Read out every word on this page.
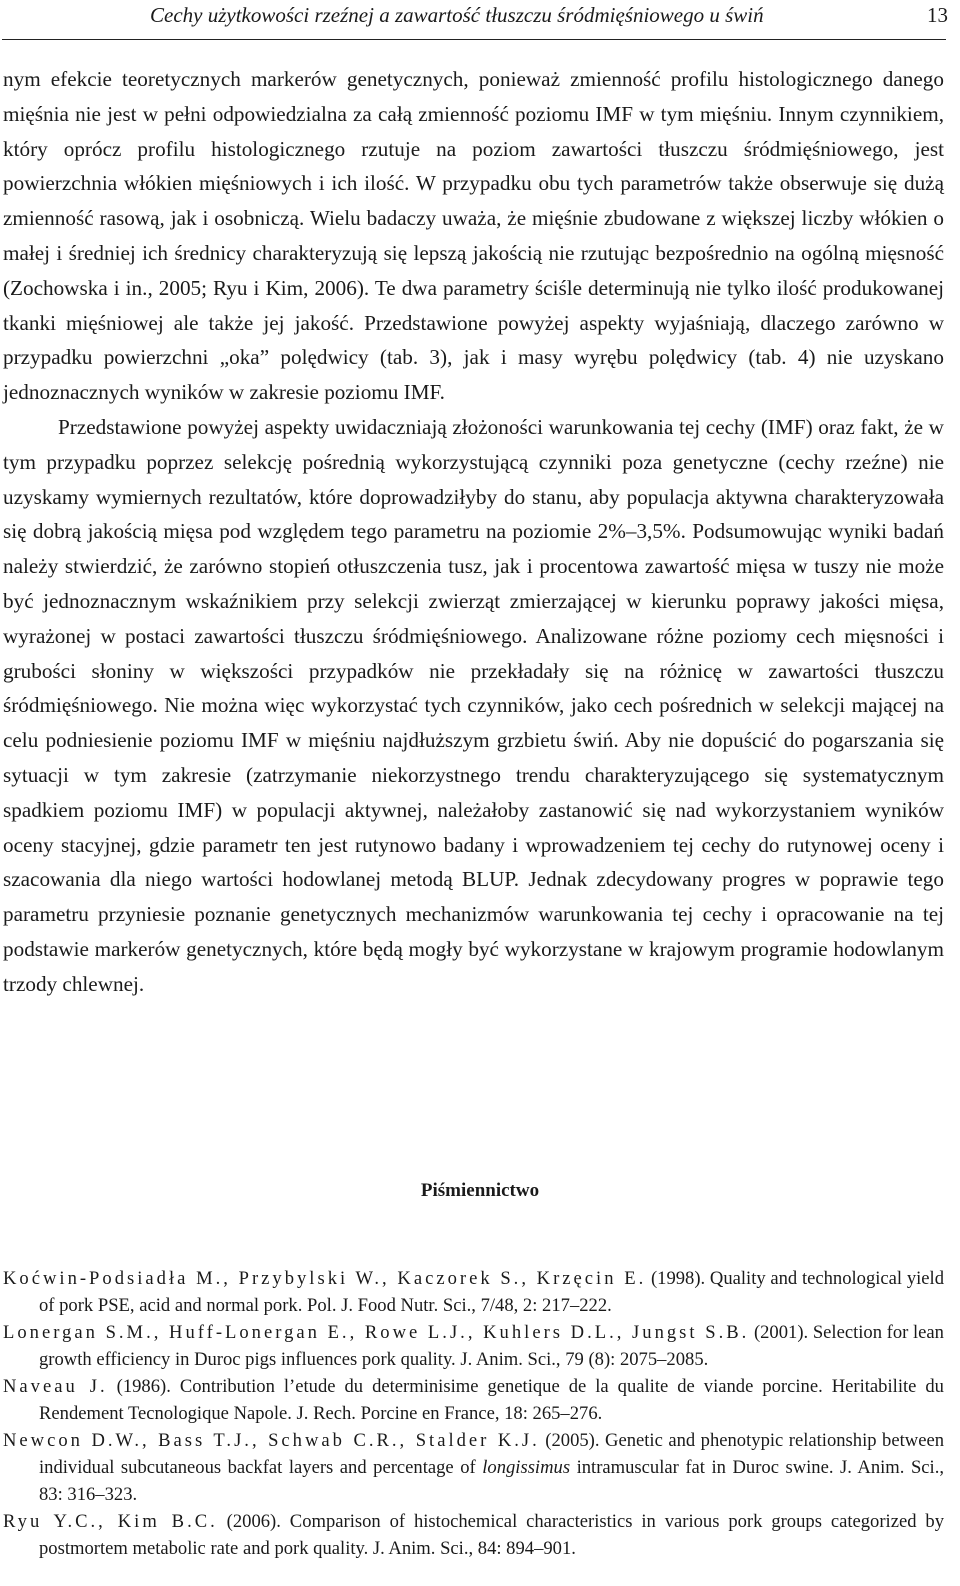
Cechy użytkowości rzeźnej a zawartość tłuszczu śródmięśniowego u świń	13

nym efekcie teoretycznych markerów genetycznych, ponieważ zmienność profilu histologicznego danego mięśnia nie jest w pełni odpowiedzialna za całą zmienność poziomu IMF w tym mięśniu. Innym czynnikiem, który oprócz profilu histologicznego rzutuje na poziom zawartości tłuszczu śródmięśniowego, jest powierzchnia włókien mięśniowych i ich ilość. W przypadku obu tych parametrów także obserwuje się dużą zmienność rasową, jak i osobniczą. Wielu badaczy uważa, że mięśnie zbudowane z większej liczby włókien o małej i średniej ich średnicy charakteryzują się lepszą jakością nie rzutując bezpośrednio na ogólną mięsność (Zochowska i in., 2005; Ryu i Kim, 2006). Te dwa parametry ściśle determinują nie tylko ilość produkowanej tkanki mięśniowej ale także jej jakość. Przedstawione powyżej aspekty wyjaśniają, dlaczego zarówno w przypadku powierzchni „oka” polędwicy (tab. 3), jak i masy wyrębu polędwicy (tab. 4) nie uzyskano jednoznacznych wyników w zakresie poziomu IMF.

Przedstawione powyżej aspekty uwidaczniają złożoności warunkowania tej cechy (IMF) oraz fakt, że w tym przypadku poprzez selekcję pośrednią wykorzystującą czynniki poza genetyczne (cechy rzeźne) nie uzyskamy wymiernych rezultatów, które doprowadziłyby do stanu, aby populacja aktywna charakteryzowała się dobrą jakością mięsa pod względem tego parametru na poziomie 2%–3,5%. Podsumowując wyniki badań należy stwierdzić, że zarówno stopień otłuszczenia tusz, jak i procentowa zawartość mięsa w tuszy nie może być jednoznacznym wskaźnikiem przy selekcji zwierząt zmierzającej w kierunku poprawy jakości mięsa, wyrażonej w postaci zawartości tłuszczu śródmięśniowego. Analizowane różne poziomy cech mięsności i grubości słoniny w większości przypadków nie przekładały się na różnicę w zawartości tłuszczu śródmięśniowego. Nie można więc wykorzystać tych czynników, jako cech pośrednich w selekcji mającej na celu podniesienie poziomu IMF w mięśniu najdłuższym grzbietu świń. Aby nie dopuścić do pogarszania się sytuacji w tym zakresie (zatrzymanie niekorzystnego trendu charakteryzującego się systematycznym spadkiem poziomu IMF) w populacji aktywnej, należałoby zastanowić się nad wykorzystaniem wyników oceny stacyjnej, gdzie parametr ten jest rutynowo badany i wprowadzeniem tej cechy do rutynowej oceny i szacowania dla niego wartości hodowlanej metodą BLUP. Jednak zdecydowany progres w poprawie tego parametru przyniesie poznanie genetycznych mechanizmów warunkowania tej cechy i opracowanie na tej podstawie markerów genetycznych, które będą mogły być wykorzystane w krajowym programie hodowlanym trzody chlewnej.

Piśmiennictwo

Koćwin-Podsiadła M., Przybylski W., Kaczorek S., Krzęcin E. (1998). Quality and technological yield of pork PSE, acid and normal pork. Pol. J. Food Nutr. Sci., 7/48, 2: 217–222.

Lonergan S.M., Huff-Lonergan E., Rowe L.J., Kuhlers D.L., Jungst S.B. (2001). Selection for lean growth efficiency in Duroc pigs influences pork quality. J. Anim. Sci., 79 (8): 2075–2085.

Naveau J. (1986). Contribution l’etude du determinisime genetique de la qualite de viande porcine. Heritabilite du Rendement Tecnologique Napole. J. Rech. Porcine en France, 18: 265–276.

Newcon D.W., Bass T.J., Schwab C.R., Stalder K.J. (2005). Genetic and phenotypic relationship between individual subcutaneous backfat layers and percentage of longissimus intramuscular fat in Duroc swine. J. Anim. Sci., 83: 316–323.

Ryu Y.C., Kim B.C. (2006). Comparison of histochemical characteristics in various pork groups categorized by postmortem metabolic rate and pork quality. J. Anim. Sci., 84: 894–901.
